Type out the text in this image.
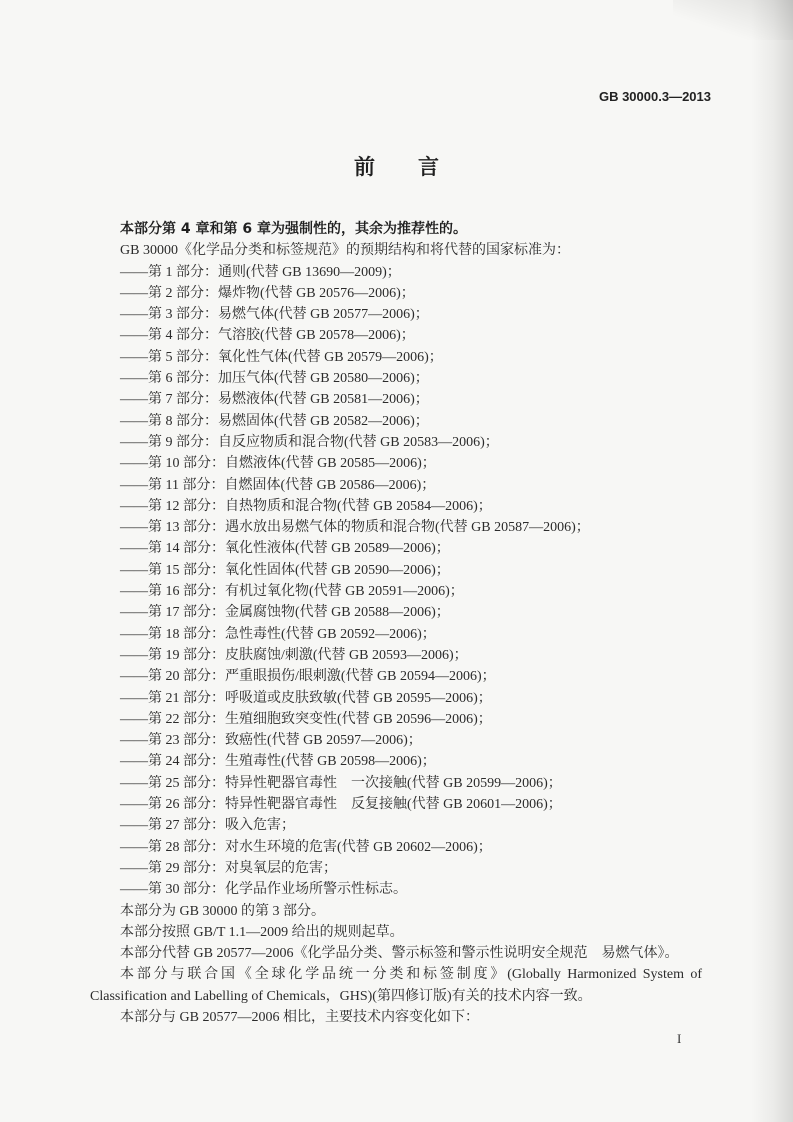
GB 30000.3—2013
前　言

本部分第 4 章和第 6 章为强制性的，其余为推荐性的。

GB 30000《化学品分类和标签规范》的预期结构和将代替的国家标准为：

——第 1 部分：通则(代替 GB 13690—2009)；
——第 2 部分：爆炸物(代替 GB 20576—2006)；
——第 3 部分：易燃气体(代替 GB 20577—2006)；
——第 4 部分：气溶胶(代替 GB 20578—2006)；
——第 5 部分：氧化性气体(代替 GB 20579—2006)；
——第 6 部分：加压气体(代替 GB 20580—2006)；
——第 7 部分：易燃液体(代替 GB 20581—2006)；
——第 8 部分：易燃固体(代替 GB 20582—2006)；
——第 9 部分：自反应物质和混合物(代替 GB 20583—2006)；
——第 10 部分：自燃液体(代替 GB 20585—2006)；
——第 11 部分：自燃固体(代替 GB 20586—2006)；
——第 12 部分：自热物质和混合物(代替 GB 20584—2006)；
——第 13 部分：遇水放出易燃气体的物质和混合物(代替 GB 20587—2006)；
——第 14 部分：氧化性液体(代替 GB 20589—2006)；
——第 15 部分：氧化性固体(代替 GB 20590—2006)；
——第 16 部分：有机过氧化物(代替 GB 20591—2006)；
——第 17 部分：金属腐蚀物(代替 GB 20588—2006)；
——第 18 部分：急性毒性(代替 GB 20592—2006)；
——第 19 部分：皮肤腐蚀/刺激(代替 GB 20593—2006)；
——第 20 部分：严重眼损伤/眼刺激(代替 GB 20594—2006)；
——第 21 部分：呼吸道或皮肤致敏(代替 GB 20595—2006)；
——第 22 部分：生殖细胞致突变性(代替 GB 20596—2006)；
——第 23 部分：致癌性(代替 GB 20597—2006)；
——第 24 部分：生殖毒性(代替 GB 20598—2006)；
——第 25 部分：特异性靶器官毒性　一次接触(代替 GB 20599—2006)；
——第 26 部分：特异性靶器官毒性　反复接触(代替 GB 20601—2006)；
——第 27 部分：吸入危害；
——第 28 部分：对水生环境的危害(代替 GB 20602—2006)；
——第 29 部分：对臭氧层的危害；
——第 30 部分：化学品作业场所警示性标志。

本部分为 GB 30000 的第 3 部分。

本部分按照 GB/T 1.1—2009 给出的规则起草。

本部分代替 GB 20577—2006《化学品分类、警示标签和警示性说明安全规范　易燃气体》。

本部分与联合国《全球化学品统一分类和标签制度》(Globally Harmonized System of Classification and Labelling of Chemicals，GHS)(第四修订版)有关的技术内容一致。

本部分与 GB 20577—2006 相比，主要技术内容变化如下：

I
